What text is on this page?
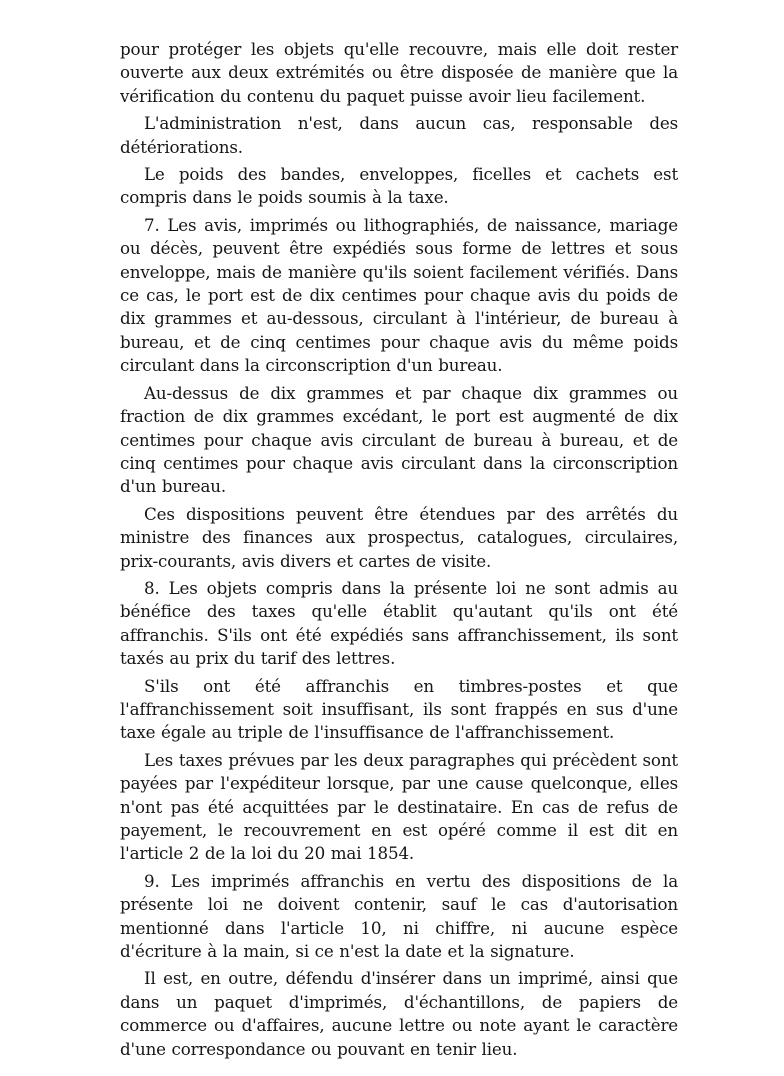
pour protéger les objets qu'elle recouvre, mais elle doit rester ouverte aux deux extrémités ou être disposée de manière que la vérification du contenu du paquet puisse avoir lieu facilement.

L'administration n'est, dans aucun cas, responsable des détériorations.

Le poids des bandes, enveloppes, ficelles et cachets est compris dans le poids soumis à la taxe.

7. Les avis, imprimés ou lithographiés, de naissance, mariage ou décès, peuvent être expédiés sous forme de lettres et sous enveloppe, mais de manière qu'ils soient facilement vérifiés. Dans ce cas, le port est de dix centimes pour chaque avis du poids de dix grammes et au-dessous, circulant à l'intérieur, de bureau à bureau, et de cinq centimes pour chaque avis du même poids circulant dans la circonscription d'un bureau.

Au-dessus de dix grammes et par chaque dix grammes ou fraction de dix grammes excédant, le port est augmenté de dix centimes pour chaque avis circulant de bureau à bureau, et de cinq centimes pour chaque avis circulant dans la circonscription d'un bureau.

Ces dispositions peuvent être étendues par des arrêtés du ministre des finances aux prospectus, catalogues, circulaires, prix-courants, avis divers et cartes de visite.

8. Les objets compris dans la présente loi ne sont admis au bénéfice des taxes qu'elle établit qu'autant qu'ils ont été affranchis. S'ils ont été expédiés sans affranchissement, ils sont taxés au prix du tarif des lettres.

S'ils ont été affranchis en timbres-postes et que l'affranchissement soit insuffisant, ils sont frappés en sus d'une taxe égale au triple de l'insuffisance de l'affranchissement.

Les taxes prévues par les deux paragraphes qui précèdent sont payées par l'expéditeur lorsque, par une cause quelconque, elles n'ont pas été acquittées par le destinataire. En cas de refus de payement, le recouvrement en est opéré comme il est dit en l'article 2 de la loi du 20 mai 1854.

9. Les imprimés affranchis en vertu des dispositions de la présente loi ne doivent contenir, sauf le cas d'autorisation mentionné dans l'article 10, ni chiffre, ni aucune espèce d'écriture à la main, si ce n'est la date et la signature.

Il est, en outre, défendu d'insérer dans un imprimé, ainsi que dans un paquet d'imprimés, d'échantillons, de papiers de commerce ou d'affaires, aucune lettre ou note ayant le caractère d'une correspondance ou pouvant en tenir lieu.
